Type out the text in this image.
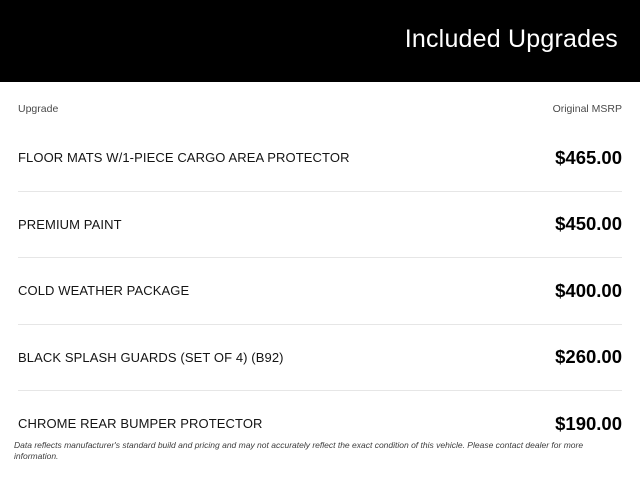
Included Upgrades
Upgrade	Original MSRP
FLOOR MATS W/1-PIECE CARGO AREA PROTECTOR	$465.00
PREMIUM PAINT	$450.00
COLD WEATHER PACKAGE	$400.00
BLACK SPLASH GUARDS (SET OF 4) (B92)	$260.00
CHROME REAR BUMPER PROTECTOR	$190.00
Data reflects manufacturer's standard build and pricing and may not accurately reflect the exact condition of this vehicle. Please contact dealer for more information.
